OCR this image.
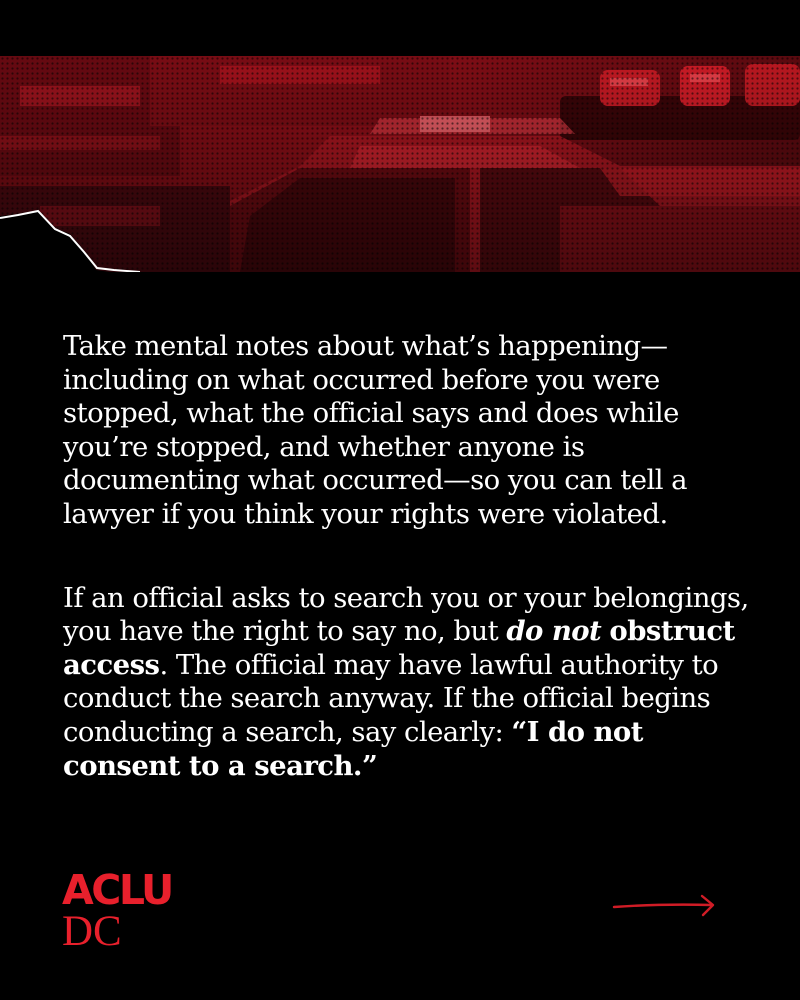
Take mental notes about what’s happening—including on what occurred before you were stopped, what the official says and does while you’re stopped, and whether anyone is documenting what occurred—so you can tell a lawyer if you think your rights were violated.

If an official asks to search you or your belongings, you have the right to say no, but do not obstruct access. The official may have lawful authority to conduct the search anyway. If the official begins conducting a search, say clearly: “I do not consent to a search.”

ACLU
DC
